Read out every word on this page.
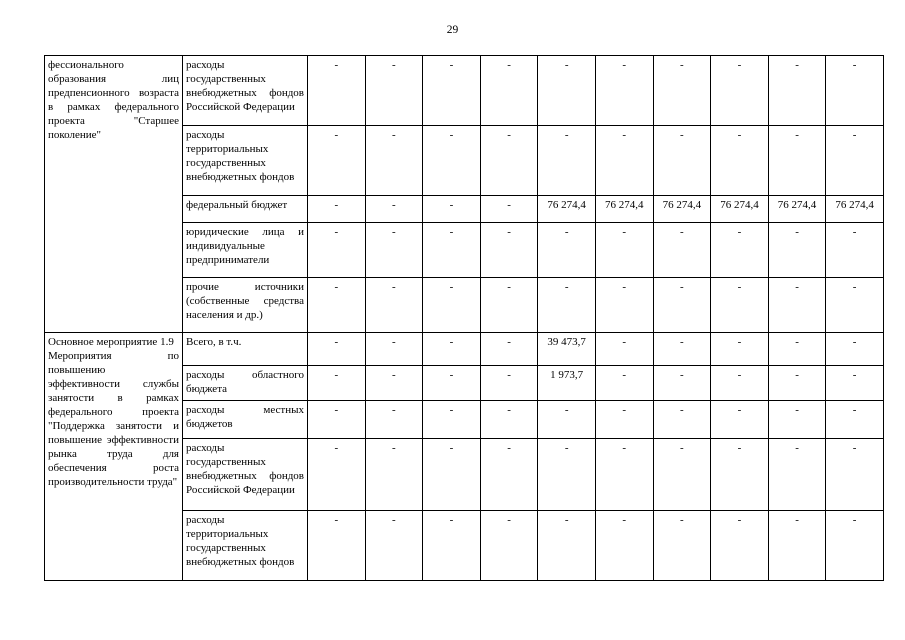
29
фессионального образования лиц предпенсионного возраста в рамках федерального проекта "Старшее поколение"	расходы государственных внебюджетных фондов Российской Федерации	-	-	-	-	-	-	-	-	-	-
	расходы территориальных государственных внебюджетных фондов	-	-	-	-	-	-	-	-	-	-
	федеральный бюджет	-	-	-	-	76 274,4	76 274,4	76 274,4	76 274,4	76 274,4	76 274,4
	юридические лица и индивидуальные предприниматели	-	-	-	-	-	-	-	-	-	-
	прочие источники (собственные средства населения и др.)	-	-	-	-	-	-	-	-	-	-

Основное мероприятие 1.9
Мероприятия по повышению эффективности службы занятости в рамках федерального проекта "Поддержка занятости и повышение эффективности рынка труда для обеспечения роста производительности труда"	Всего, в т.ч.	-	-	-	-	39 473,7	-	-	-	-	-
	расходы областного бюджета	-	-	-	-	1 973,7	-	-	-	-	-
	расходы местных бюджетов	-	-	-	-	-	-	-	-	-	-
	расходы государственных внебюджетных фондов Российской Федерации	-	-	-	-	-	-	-	-	-	-
	расходы территориальных государственных внебюджетных фондов	-	-	-	-	-	-	-	-	-	-
